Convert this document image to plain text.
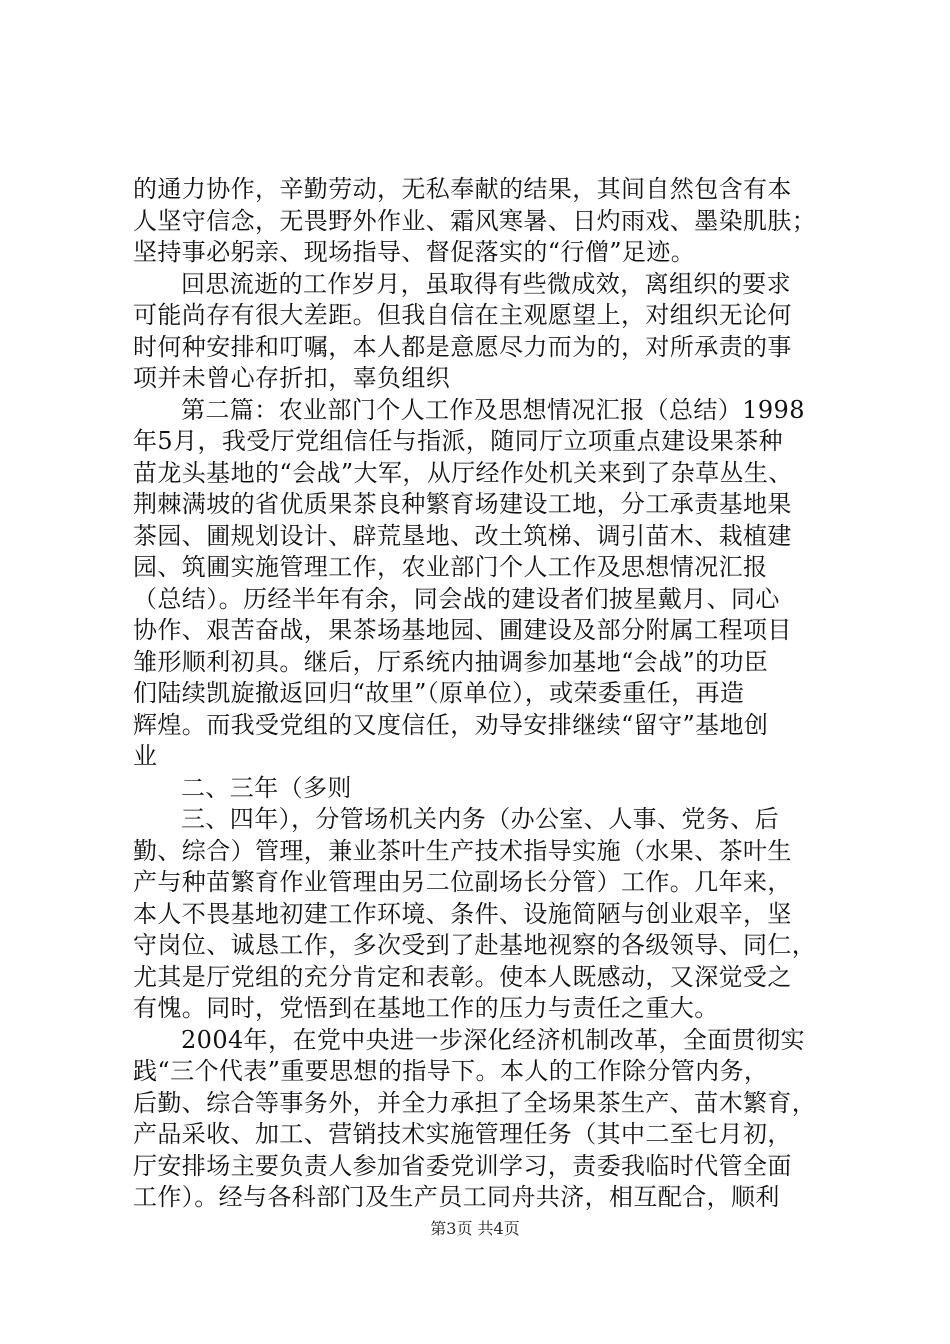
的通力协作，辛勤劳动，无私奉献的结果，其间自然包含有本
人坚守信念，无畏野外作业、霜风寒暑、日灼雨戏、墨染肌肤；
坚持事必躬亲、现场指导、督促落实的“行僧”足迹。
回思流逝的工作岁月，虽取得有些微成效，离组织的要求
可能尚存有很大差距。但我自信在主观愿望上，对组织无论何
时何种安排和叮嘱，本人都是意愿尽力而为的，对所承责的事
项并未曾心存折扣，辜负组织
第二篇：农业部门个人工作及思想情况汇报（总结）1998
年5月，我受厅党组信任与指派，随同厅立项重点建设果茶种
苗龙头基地的“会战”大军，从厅经作处机关来到了杂草丛生、
荆棘满坡的省优质果茶良种繁育场建设工地，分工承责基地果
茶园、圃规划设计、辟荒垦地、改土筑梯、调引苗木、栽植建
园、筑圃实施管理工作，农业部门个人工作及思想情况汇报
（总结）。历经半年有余，同会战的建设者们披星戴月、同心
协作、艰苦奋战，果茶场基地园、圃建设及部分附属工程项目
雏形顺利初具。继后，厅系统内抽调参加基地“会战”的功臣
们陆续凯旋撤返回归“故里”（原单位），或荣委重任，再造
辉煌。而我受党组的又度信任，劝导安排继续“留守”基地创
业
二、三年（多则
三、四年），分管场机关内务（办公室、人事、党务、后
勤、综合）管理，兼业茶叶生产技术指导实施（水果、茶叶生
产与种苗繁育作业管理由另二位副场长分管）工作。几年来，
本人不畏基地初建工作环境、条件、设施简陋与创业艰辛，坚
守岗位、诚恳工作，多次受到了赴基地视察的各级领导、同仁，
尤其是厅党组的充分肯定和表彰。使本人既感动，又深觉受之
有愧。同时，党悟到在基地工作的压力与责任之重大。
2004年，在党中央进一步深化经济机制改革，全面贯彻实
践“三个代表”重要思想的指导下。本人的工作除分管内务，
后勤、综合等事务外，并全力承担了全场果茶生产、苗木繁育，
产品采收、加工、营销技术实施管理任务（其中二至七月初，
厅安排场主要负责人参加省委党训学习，责委我临时代管全面
工作）。经与各科部门及生产员工同舟共济，相互配合，顺利
第3页 共4页
